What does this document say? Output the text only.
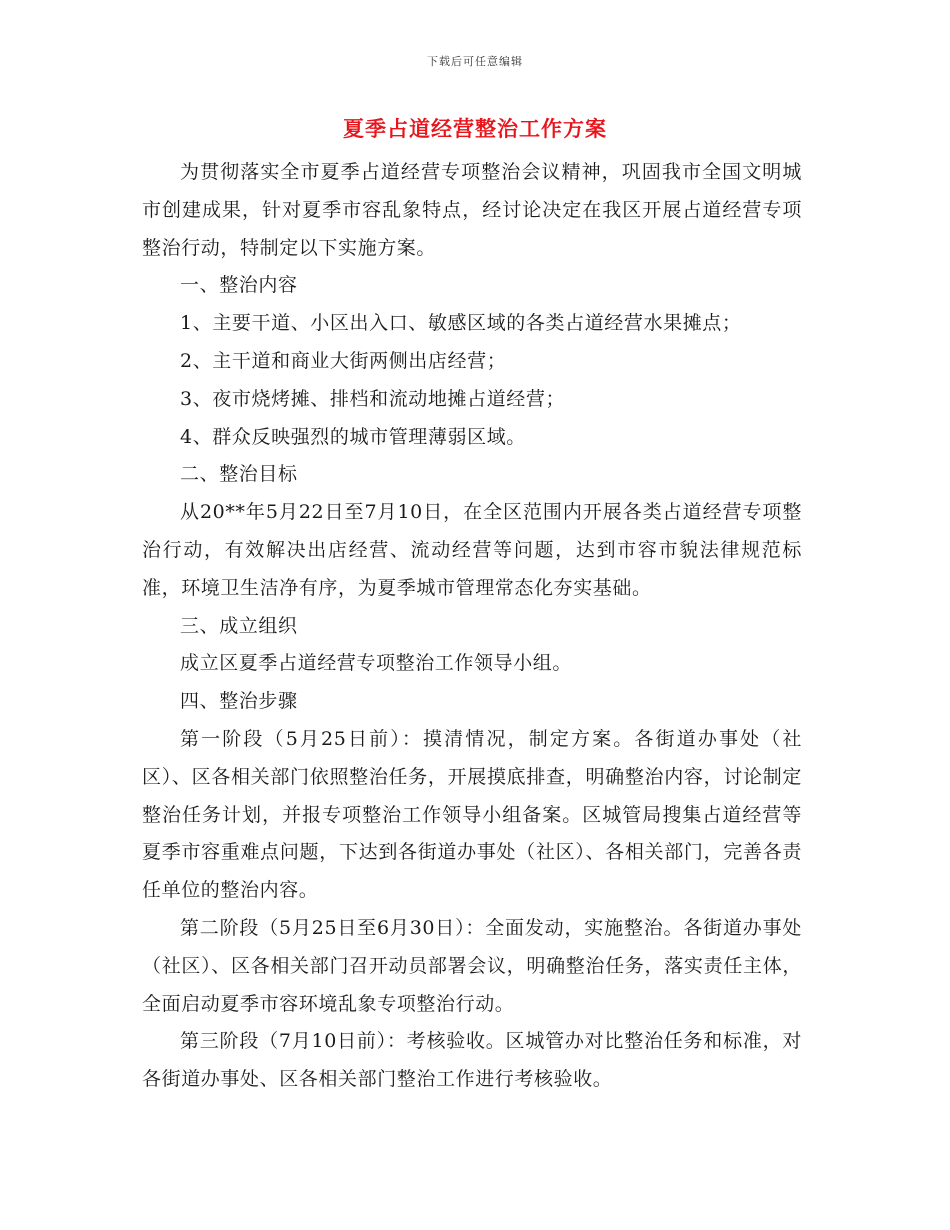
下载后可任意编辑
夏季占道经营整治工作方案

为贯彻落实全市夏季占道经营专项整治会议精神，巩固我市全国文明城市创建成果，针对夏季市容乱象特点，经讨论决定在我区开展占道经营专项整治行动，特制定以下实施方案。

一、整治内容

1、主要干道、小区出入口、敏感区域的各类占道经营水果摊点；

2、主干道和商业大街两侧出店经营；

3、夜市烧烤摊、排档和流动地摊占道经营；

4、群众反映强烈的城市管理薄弱区域。

二、整治目标

从20**年5月22日至7月10日，在全区范围内开展各类占道经营专项整治行动，有效解决出店经营、流动经营等问题，达到市容市貌法律规范标准，环境卫生洁净有序，为夏季城市管理常态化夯实基础。

三、成立组织

成立区夏季占道经营专项整治工作领导小组。

四、整治步骤

第一阶段（5月25日前）：摸清情况，制定方案。各街道办事处（社区）、区各相关部门依照整治任务，开展摸底排查，明确整治内容，讨论制定整治任务计划，并报专项整治工作领导小组备案。区城管局搜集占道经营等夏季市容重难点问题，下达到各街道办事处（社区）、各相关部门，完善各责任单位的整治内容。

第二阶段（5月25日至6月30日）：全面发动，实施整治。各街道办事处（社区）、区各相关部门召开动员部署会议，明确整治任务，落实责任主体，全面启动夏季市容环境乱象专项整治行动。

第三阶段（7月10日前）：考核验收。区城管办对比整治任务和标准，对各街道办事处、区各相关部门整治工作进行考核验收。
